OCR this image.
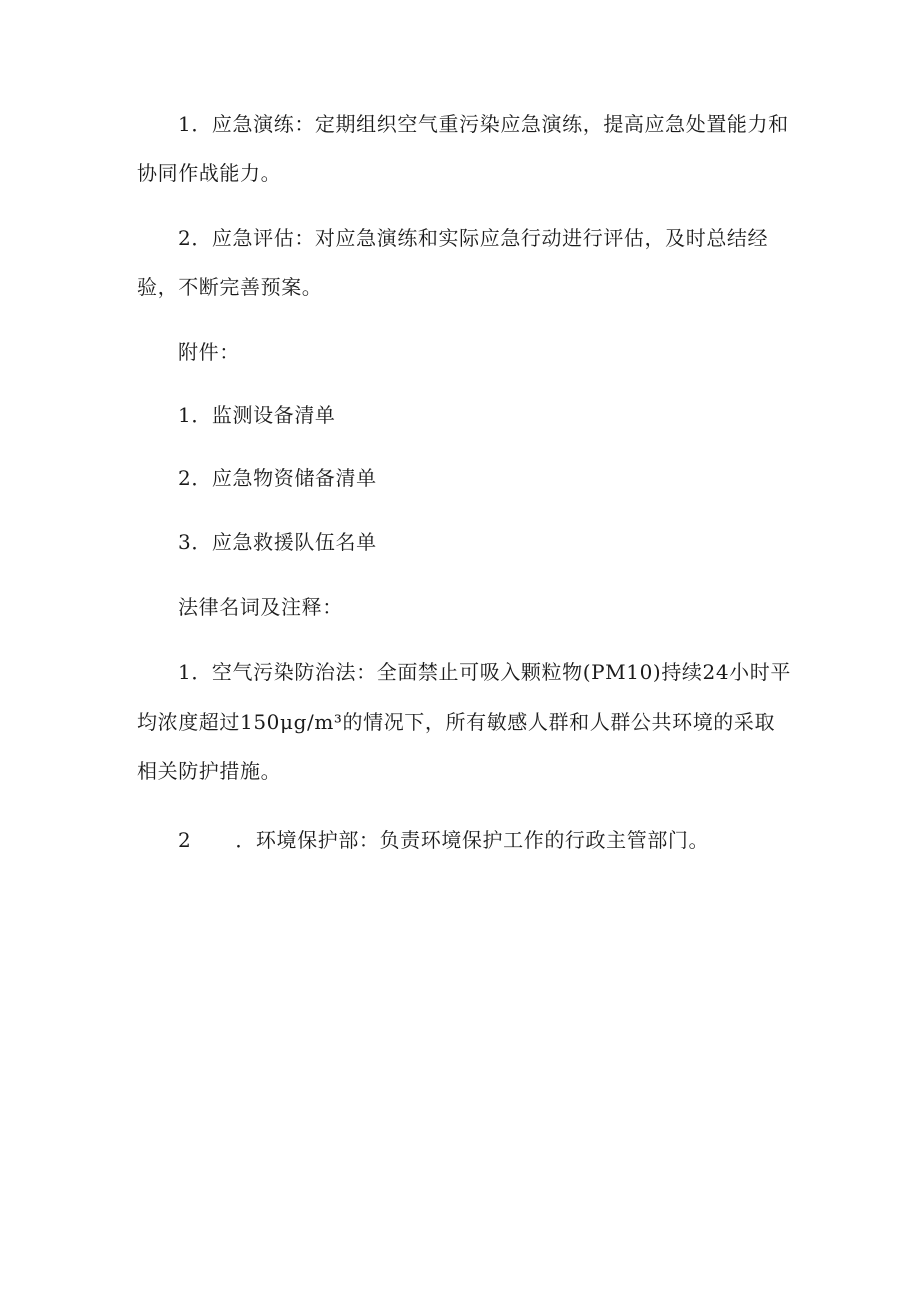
1．应急演练：定期组织空气重污染应急演练，提高应急处置能力和
协同作战能力。
2．应急评估：对应急演练和实际应急行动进行评估，及时总结经
验，不断完善预案。
附件：
1．监测设备清单
2．应急物资储备清单
3．应急救援队伍名单
法律名词及注释：
1．空气污染防治法：全面禁止可吸入颗粒物(PM10)持续24小时平
均浓度超过150μg/m³的情况下，所有敏感人群和人群公共环境的采取
相关防护措施。
2 ．环境保护部：负责环境保护工作的行政主管部门。
